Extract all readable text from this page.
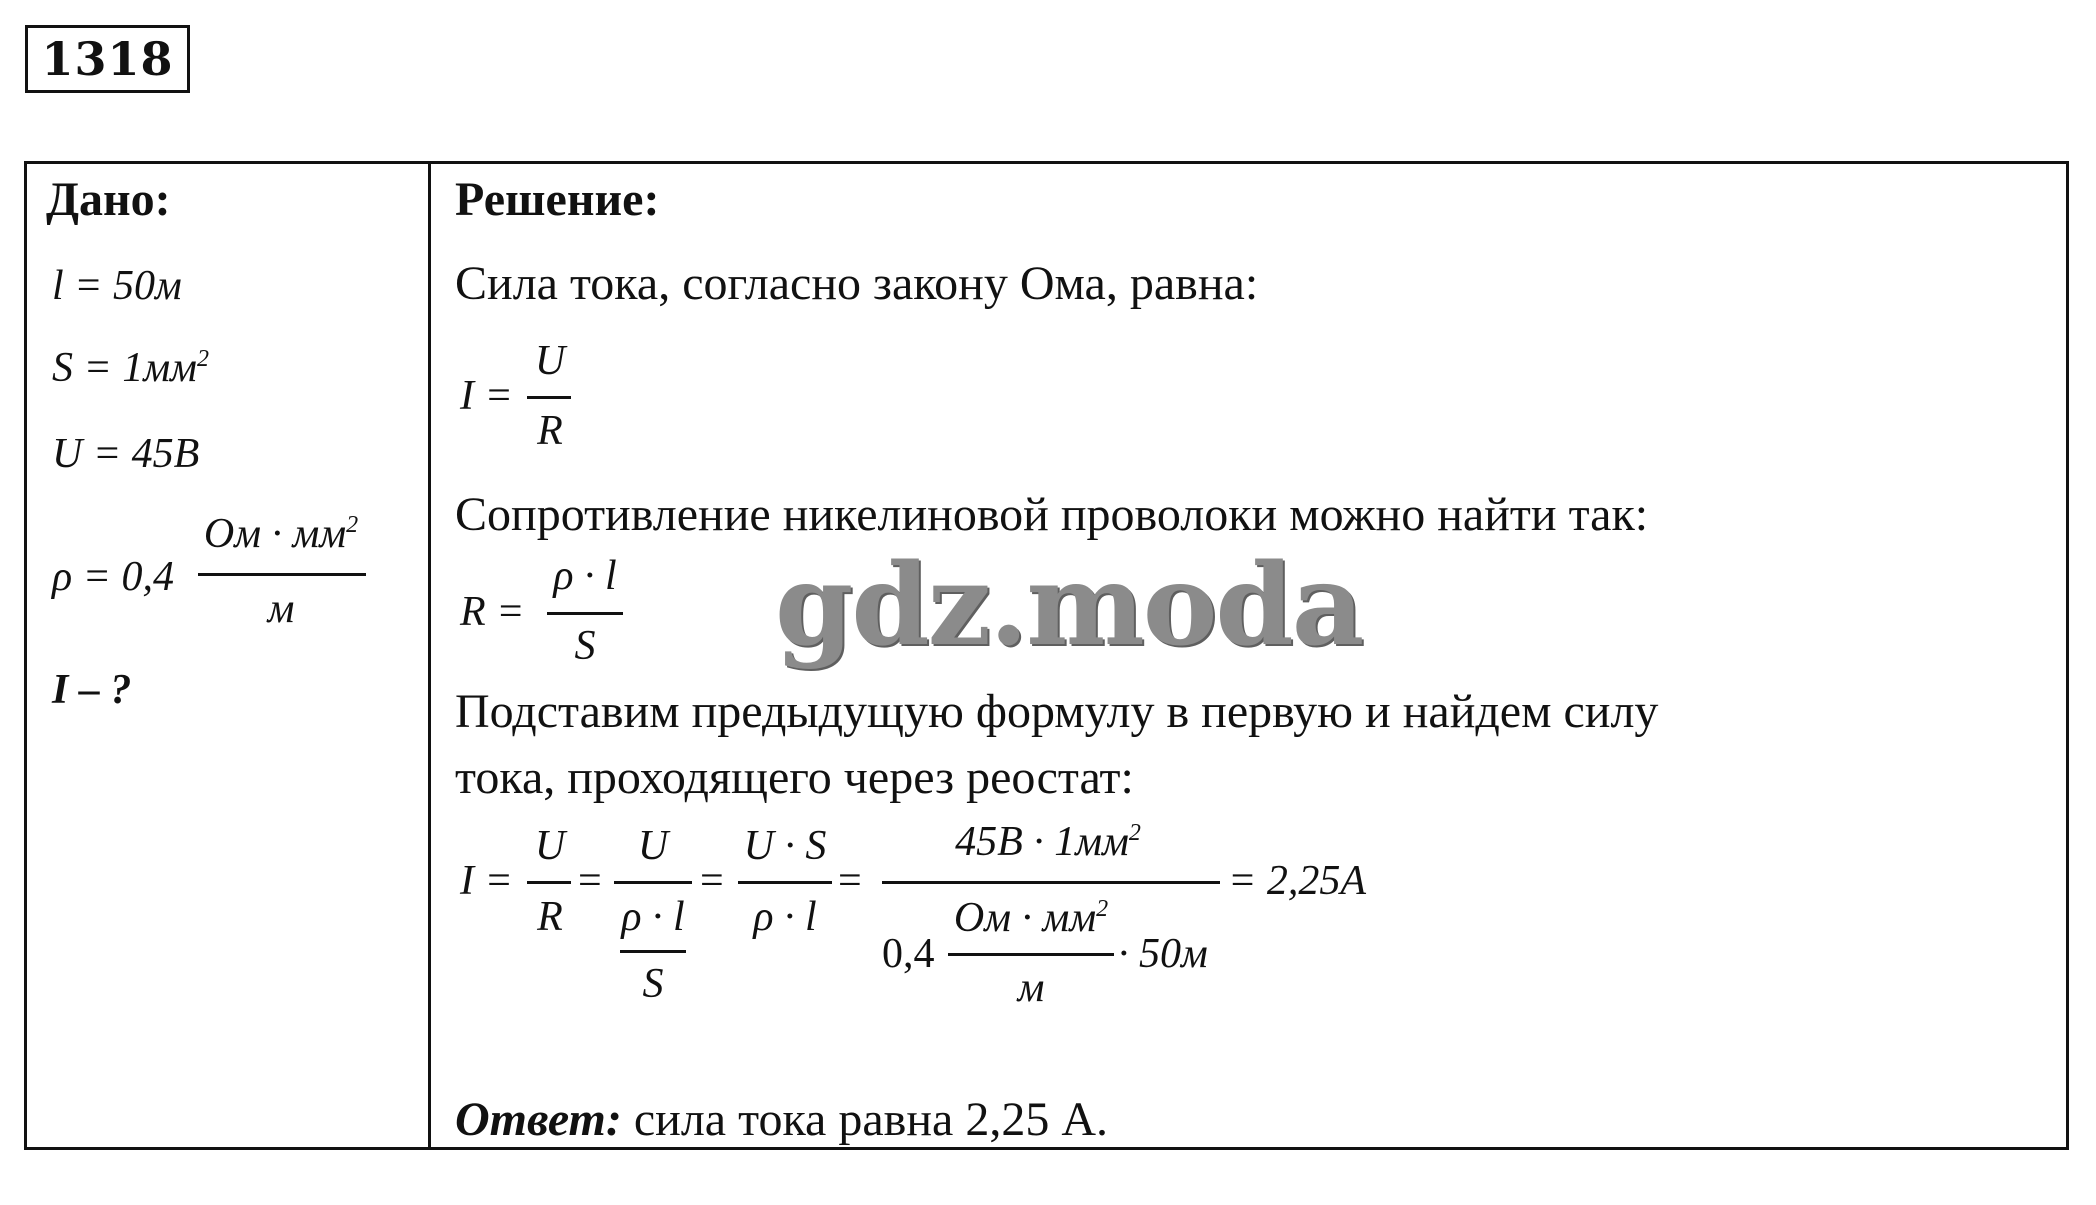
1318
Дано:
l = 50м
$S = 1мм^2$
U = 45В
ρ = 0,4
Ом · $мм^2$
м
I – ?
Решение:
Сила тока, согласно закону Ома, равна:
I =
U
R
Сопротивление никелиновой проволоки можно найти так:
R =
ρ · l
S
Подставим предыдущую формулу в первую и найдем силу
тока, проходящего через реостат:
I =
U
R
=
U
ρ · l
S
=
U · S
ρ · l
=
$45В \cdot 1мм^2$
0,4
Ом · $мм^2$
м
· 50м
= 2,25А
Ответ: сила тока равна 2,25 А.
gdz.moda
